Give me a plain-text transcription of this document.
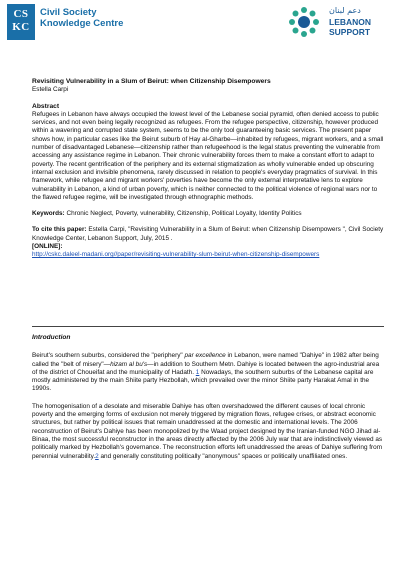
CS
KC
Civil Society
Knowledge Centre
دعم لبنان
LEBANON
SUPPORT
Revisiting Vulnerability in a Slum of Beirut: when Citizenship Disempowers
Estella Carpi
Abstract

Refugees in Lebanon have always occupied the lowest level of the Lebanese social pyramid, often denied access to public services, and not even being legally recognized as refugees. From the refugee perspective, citizenship, however produced within a wavering and corrupted state system, seems to be the only tool guaranteeing basic services. The present paper shows how, in particular cases like the Beirut suburb of Hay al-Gharbe—inhabited by refugees, migrant workers, and a small number of disadvantaged Lebanese—citizenship rather than refugeehood is the legal status preventing the vulnerable from accessing any assistance regime in Lebanon. Their chronic vulnerability forces them to make a constant effort to adapt to poverty. The recent gentrification of the periphery and its external stigmatization as wholly vulnerable ended up obscuring internal exclusion and invisible phenomena, rarely discussed in relation to people's everyday pragmatics of survival. In this framework, while refugee and migrant workers' poverties have become the only external interpretative lens to explore vulnerability in Lebanon, a kind of urban poverty, which is neither connected to the political violence of regional wars nor to the flawed refugee regime, will be investigated through ethnographic methods.

Keywords: Chronic Neglect, Poverty, vulnerability, Citizenship, Political Loyalty, Identity Politics

To cite this paper: Estella Carpi, "Revisiting Vulnerability in a Slum of Beirut: when Citizenship Disempowers ", Civil Society Knowledge Center, Lebanon Support, July, 2015 .

[ONLINE]:

http://cskc.daleel-madani.org//paper/revisiting-vulnerability-slum-beirut-when-citizenship-disempowers

Introduction

Beirut's southern suburbs, considered the "periphery" par excellence in Lebanon, were named "Dahiye" in 1982 after being called the "belt of misery"—hizam al bu's—in addition to Southern Metn. Dahiye is located between the agro-industrial area of the district of Choueifat and the municipality of Hadath. 1 Nowadays, the southern suburbs of the Lebanese capital are mostly administered by the main Shiite party Hezbollah, which prevailed over the minor Shiite party Harakat Amal in the 1990s.

The homogenisation of a desolate and miserable Dahiye has often overshadowed the different causes of local chronic poverty and the emerging forms of exclusion not merely triggered by migration flows, refugee crises, or abstract economic structures, but rather by political issues that remain unaddressed at the domestic and international levels. The 2006 reconstruction of Beirut's Dahiye has been monopolized by the Waad project designed by the Iranian-funded NGO Jihad al-Binaa, the most successful reconstructor in the areas directly affected by the 2006 July war that are indistinctively viewed as politically marked by Hezbollah's governance. The reconstruction efforts left unaddressed the areas of Dahiye suffering from perennial vulnerability.2 and generally constituting politically "anonymous" spaces or politically unaffiliated ones.
